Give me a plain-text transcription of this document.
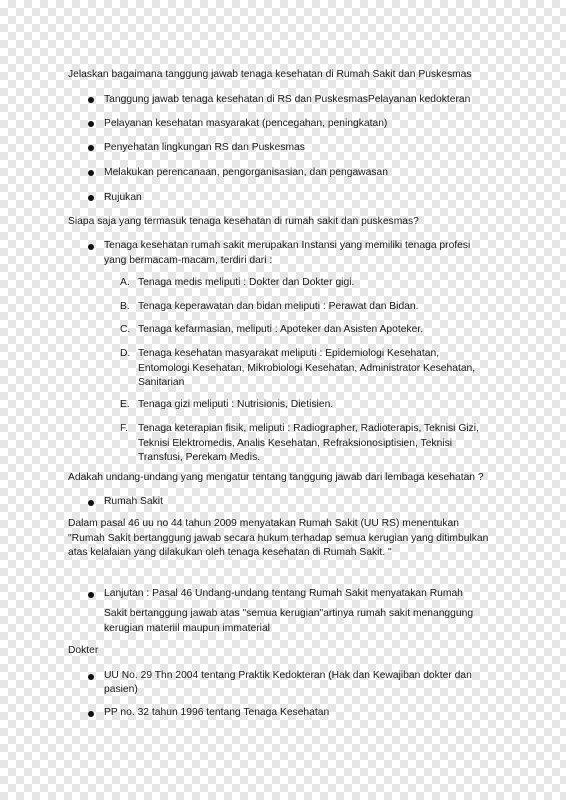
Jelaskan bagaimana tanggung jawab tenaga kesehatan di Rumah Sakit dan Puskesmas
Tanggung jawab tenaga kesehatan di RS dan PuskesmasPelayanan kedokteran
Pelayanan kesehatan masyarakat (pencegahan, peningkatan)
Penyehatan lingkungan RS dan Puskesmas
Melakukan perencanaan, pengorganisasian, dan pengawasan
Rujukan
Siapa saja yang termasuk tenaga kesehatan di rumah sakit dan puskesmas?
Tenaga kesehatan rumah sakit merupakan Instansi yang memiliki tenaga profesi
yang bermacam-macam, terdiri dari :
A. Tenaga medis meliputi : Dokter dan Dokter gigi.
B. Tenaga keperawatan dan bidan meliputi : Perawat dan Bidan.
C. Tenaga kefarmasian, meliputi : Apoteker dan Asisten Apoteker.
D. Tenaga kesehatan masyarakat meliputi : Epidemiologi Kesehatan,
Entomologi Kesehatan, Mikrobiologi Kesehatan, Administrator Kesehatan,
Sanitarian
E. Tenaga gizi meliputi : Nutrisionis, Dietisien.
F. Tenaga keterapian fisik, meliputi : Radiographer, Radioterapis, Teknisi Gizi,
Teknisi Elektromedis, Analis Kesehatan, Refraksionosiptisien, Teknisi
Transfusi, Perekam Medis.
Adakah undang-undang yang mengatur tentang tanggung jawab dari lembaga kesehatan ?
Rumah Sakit
Dalam pasal 46 uu no 44 tahun 2009 menyatakan Rumah Sakit (UU RS) menentukan
"Rumah Sakit bertanggung jawab secara hukum terhadap semua kerugian yang ditimbulkan
atas kelalaian yang dilakukan oleh tenaga kesehatan di Rumah Sakit. "
Lanjutan : Pasal 46 Undang-undang tentang Rumah Sakit menyatakan Rumah
Sakit bertanggung jawab atas "semua kerugian"artinya rumah sakit menanggung
kerugian materiil maupun immaterial
Dokter
UU No. 29 Thn 2004 tentang Praktik Kedokteran (Hak dan Kewajiban dokter dan
pasien)
PP no. 32 tahun 1996 tentang Tenaga Kesehatan
